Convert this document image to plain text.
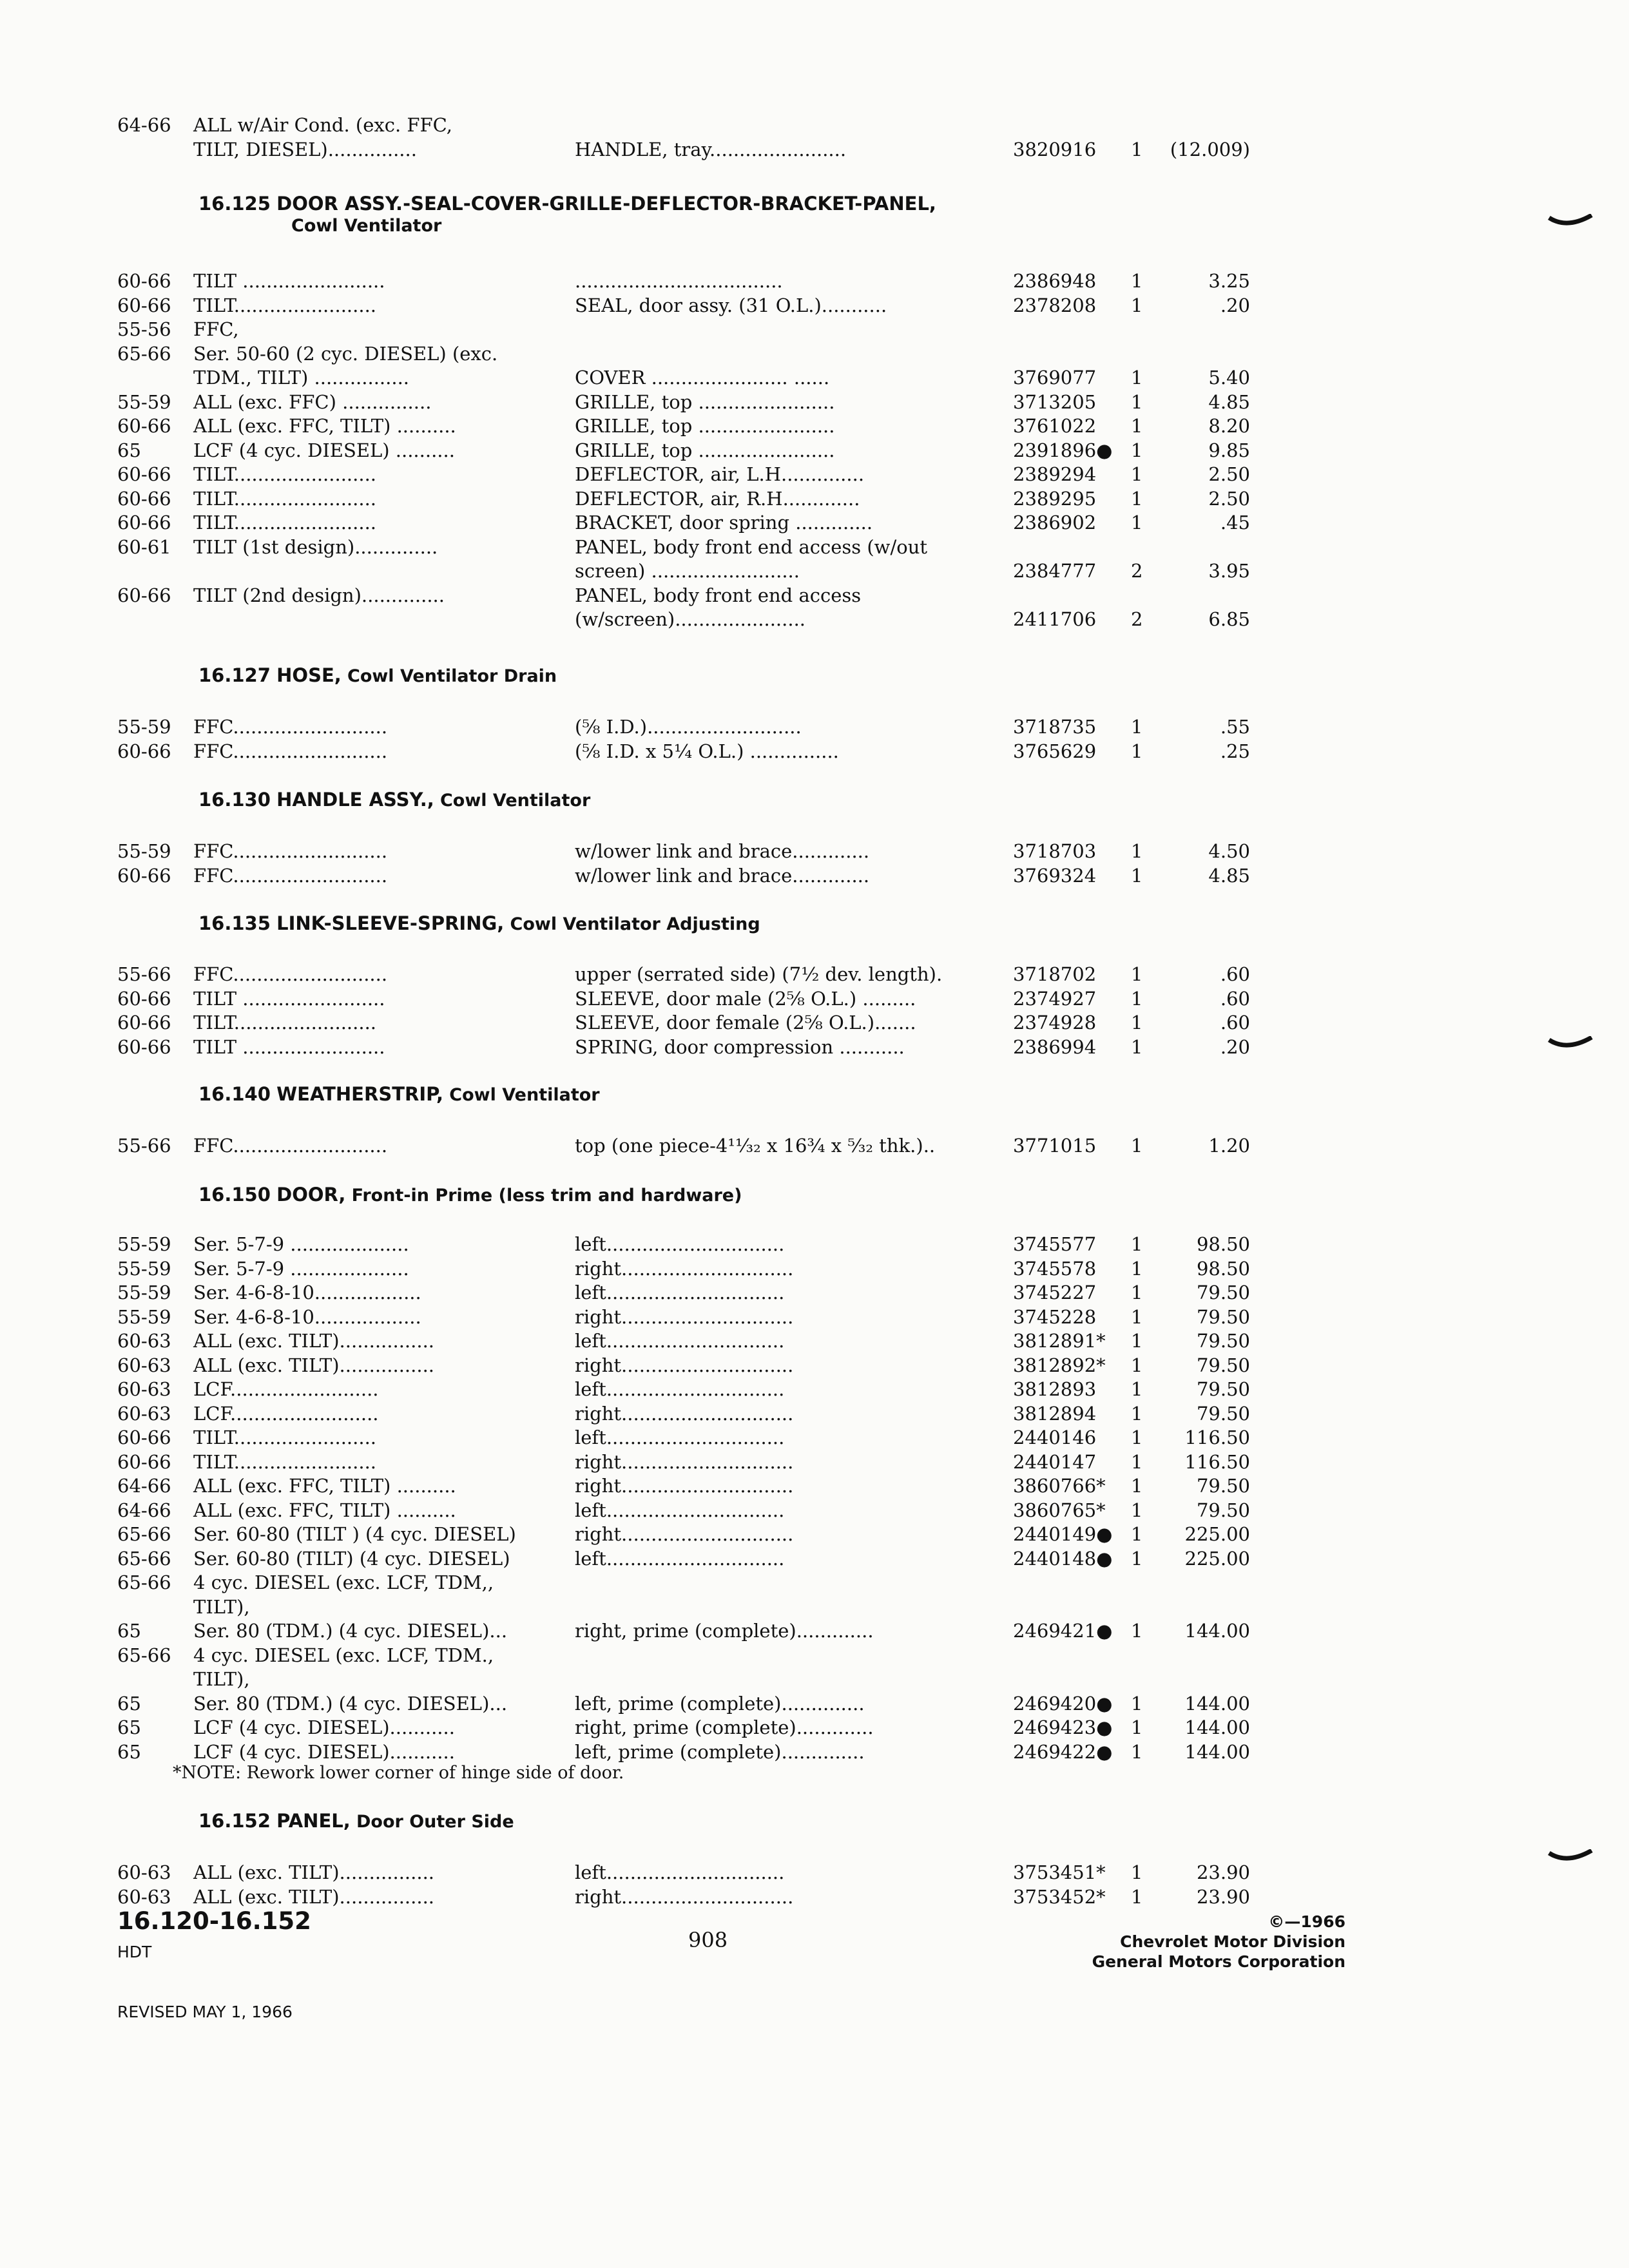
64-66 ALL w/Air Cond. (exc. FFC,
TILT, DIESEL)...............	HANDLE, tray.......................	3820916 1	(12.009)
Cowl Ventilator
16.125 DOOR ASSY.-SEAL-COVER-GRILLE-DEFLECTOR-BRACKET-PANEL,
60-66 TILT ........................	...................................	2386948 1	3.25
60-66 TILT........................	SEAL, door assy. (31 O.L.)...........	2378208 1	.20
55-56 FFC,
65-66 Ser. 50-60 (2 cyc. DIESEL) (exc.
TDM., TILT) ................	COVER ....................... ......	3769077 1	5.40
55-59 ALL (exc. FFC) ...............	GRILLE, top .......................	3713205 1	4.85
60-66 ALL (exc. FFC, TILT) ..........	GRILLE, top .......................	3761022 1	8.20
65	LCF (4 cyc. DIESEL) ..........	GRILLE, top .......................	2391896● 1	9.85
60-66 TILT........................	DEFLECTOR, air, L.H..............	2389294 1	2.50
60-66 TILT........................	DEFLECTOR, air, R.H.............	2389295 1	2.50
60-66 TILT........................	BRACKET, door spring .............	2386902 1	.45
60-61 TILT (1st design)..............	PANEL, body front end access (w/out
screen) .........................	2384777 2	3.95
60-66 TILT (2nd design)..............	PANEL, body front end access
(w/screen)......................	2411706 2	6.85
16.127 HOSE, Cowl Ventilator Drain
55-59 FFC..........................	(⅝ I.D.)..........................	3718735 1	.55
60-66 FFC..........................	(⅝ I.D. x 5¼ O.L.) ...............	3765629 1	.25
16.130 HANDLE ASSY., Cowl Ventilator
55-59 FFC..........................	w/lower link and brace.............	3718703 1	4.50
60-66 FFC..........................	w/lower link and brace.............	3769324 1	4.85
16.135 LINK-SLEEVE-SPRING, Cowl Ventilator Adjusting
55-66 FFC..........................	upper (serrated side) (7½ dev. length).	3718702 1	.60
60-66 TILT ........................	SLEEVE, door male (2⅝ O.L.) .........	2374927 1	.60
60-66 TILT........................	SLEEVE, door female (2⅝ O.L.).......	2374928 1	.60
60-66 TILT ........................	SPRING, door compression ...........	2386994 1	.20
16.140 WEATHERSTRIP, Cowl Ventilator
55-66 FFC..........................	top (one piece-4¹¹⁄₃₂ x 16¾ x ⁵⁄₃₂ thk.)..	3771015 1	1.20
16.150 DOOR, Front-in Prime (less trim and hardware)
55-59 Ser. 5-7-9 ....................	left..............................	3745577 1	98.50
55-59 Ser. 5-7-9 ....................	right.............................	3745578 1	98.50
55-59 Ser. 4-6-8-10..................	left..............................	3745227 1	79.50
55-59 Ser. 4-6-8-10..................	right.............................	3745228 1	79.50
60-63 ALL (exc. TILT)................	left..............................	3812891* 1	79.50
60-63 ALL (exc. TILT)................	right.............................	3812892* 1	79.50
60-63 LCF.........................	left..............................	3812893 1	79.50
60-63 LCF.........................	right.............................	3812894 1	79.50
60-66 TILT........................	left..............................	2440146 1	116.50
60-66 TILT........................	right.............................	2440147 1	116.50
64-66 ALL (exc. FFC, TILT) ..........	right.............................	3860766* 1	79.50
64-66 ALL (exc. FFC, TILT) ..........	left..............................	3860765* 1	79.50
65-66 Ser. 60-80 (TILT ) (4 cyc. DIESEL)	right.............................	2440149● 1	225.00
65-66 Ser. 60-80 (TILT) (4 cyc. DIESEL)	left..............................	2440148● 1	225.00
65-66 4 cyc. DIESEL (exc. LCF, TDM,,
TILT),
65	Ser. 80 (TDM.) (4 cyc. DIESEL)...	right, prime (complete).............	2469421● 1	144.00
65-66 4 cyc. DIESEL (exc. LCF, TDM.,
TILT),
65	Ser. 80 (TDM.) (4 cyc. DIESEL)...	left, prime (complete)..............	2469420● 1	144.00
65	LCF (4 cyc. DIESEL)...........	right, prime (complete).............	2469423● 1	144.00
65	LCF (4 cyc. DIESEL)...........	left, prime (complete)..............	2469422● 1	144.00
*NOTE: Rework lower corner of hinge side of door.
16.152 PANEL, Door Outer Side
60-63 ALL (exc. TILT)................	left..............................	3753451* 1	23.90
60-63 ALL (exc. TILT)................	right.............................	3753452* 1	23.90
16.120-16.152
HDT
REVISED MAY 1, 1966
908
©—1966
Chevrolet Motor Division
General Motors Corporation
